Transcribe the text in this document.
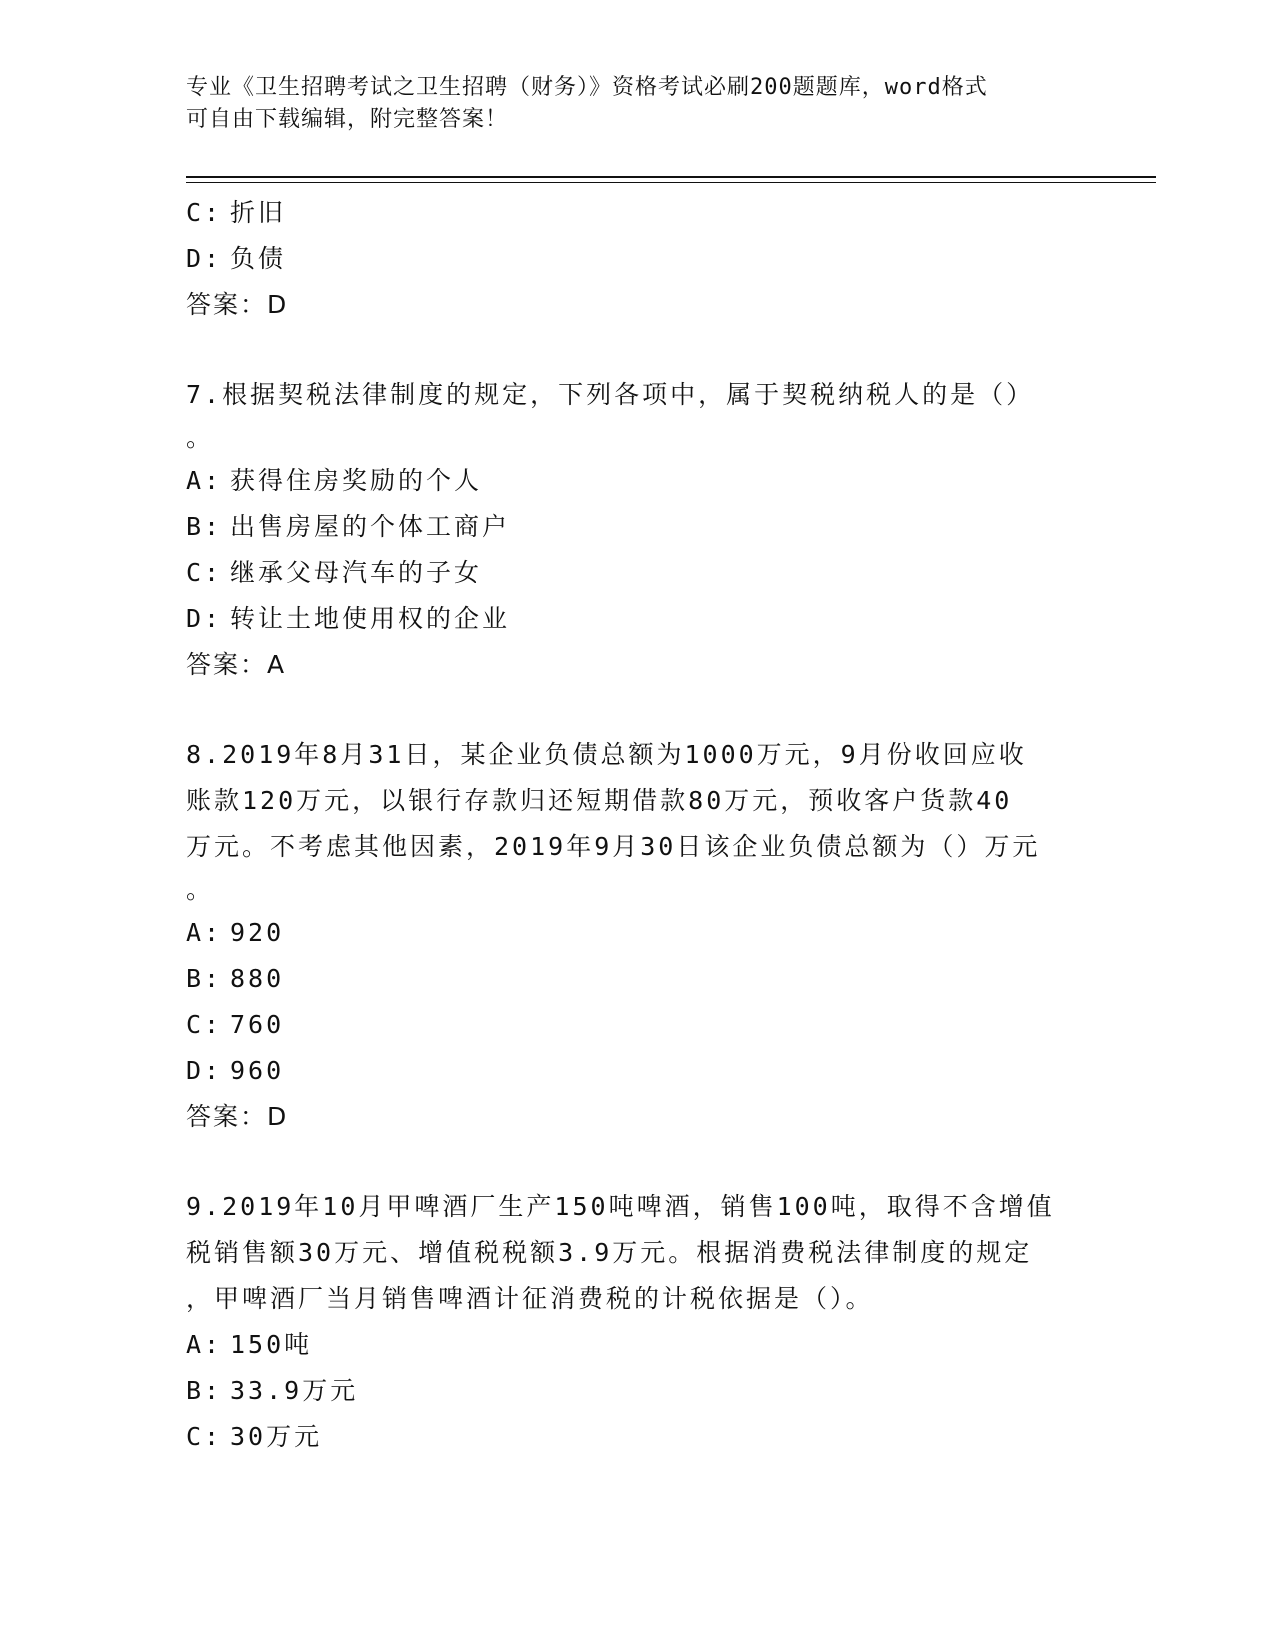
专业《卫生招聘考试之卫生招聘（财务）》资格考试必刷200题题库，word格式
可自由下载编辑，附完整答案！
C: 折旧
D: 负债
答案：D
7.根据契税法律制度的规定，下列各项中，属于契税纳税人的是（）
。
A: 获得住房奖励的个人
B: 出售房屋的个体工商户
C: 继承父母汽车的子女
D: 转让土地使用权的企业
答案：A
8.2019年8月31日，某企业负债总额为1000万元，9月份收回应收
账款120万元，以银行存款归还短期借款80万元，预收客户货款40
万元。不考虑其他因素，2019年9月30日该企业负债总额为（）万元
。
A: 920
B: 880
C: 760
D: 960
答案：D
9.2019年10月甲啤酒厂生产150吨啤酒，销售100吨，取得不含增值
税销售额30万元、增值税税额3.9万元。根据消费税法律制度的规定
，甲啤酒厂当月销售啤酒计征消费税的计税依据是（）。
A: 150吨
B: 33.9万元
C: 30万元
